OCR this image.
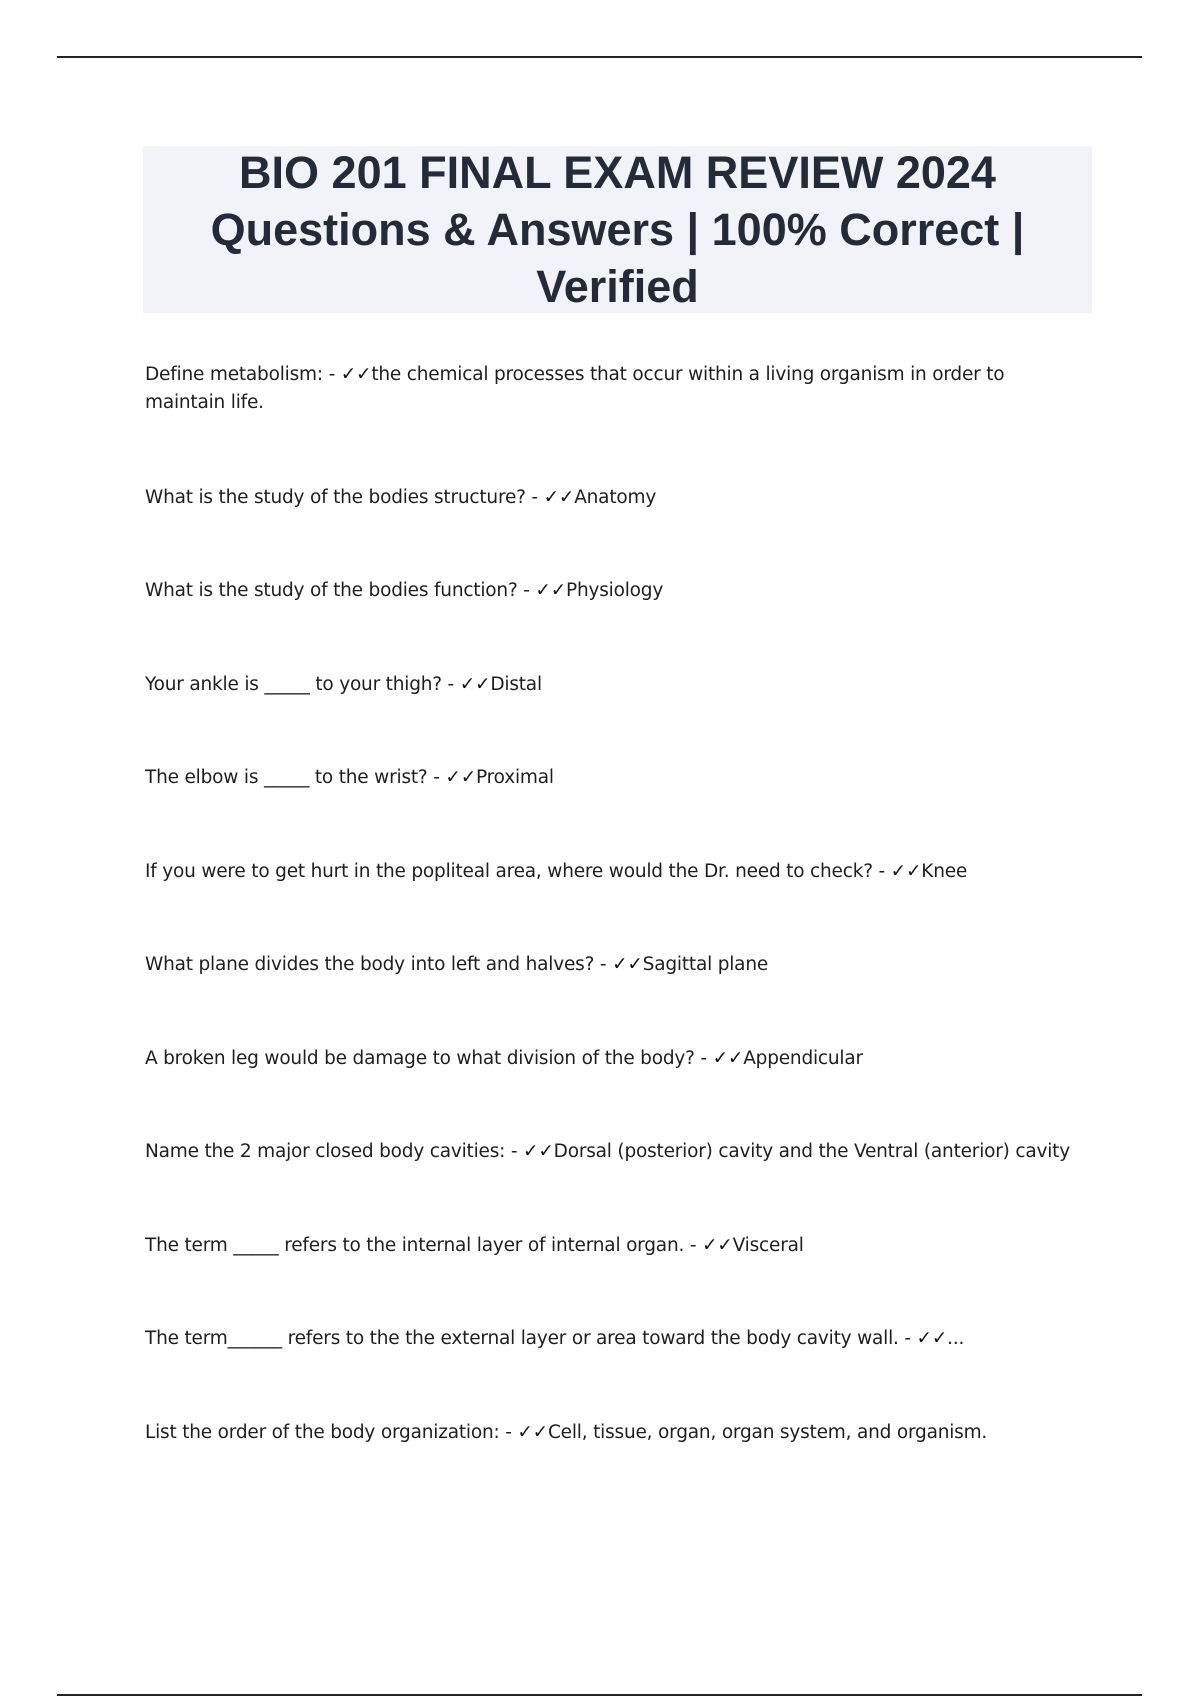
BIO 201 FINAL EXAM REVIEW 2024 Questions & Answers | 100% Correct | Verified
Define metabolism: - ✓✓the chemical processes that occur within a living organism in order to maintain life.
What is the study of the bodies structure? - ✓✓Anatomy
What is the study of the bodies function? - ✓✓Physiology
Your ankle is _____ to your thigh? - ✓✓Distal
The elbow is _____ to the wrist? - ✓✓Proximal
If you were to get hurt in the popliteal area, where would the Dr. need to check? - ✓✓Knee
What plane divides the body into left and halves? - ✓✓Sagittal plane
A broken leg would be damage to what division of the body? - ✓✓Appendicular
Name the 2 major closed body cavities: - ✓✓Dorsal (posterior) cavity and the Ventral (anterior) cavity
The term _____ refers to the internal layer of internal organ. - ✓✓Visceral
The term______ refers to the the external layer or area toward the body cavity wall. - ✓✓...
List the order of the body organization: - ✓✓Cell, tissue, organ, organ system, and organism.
